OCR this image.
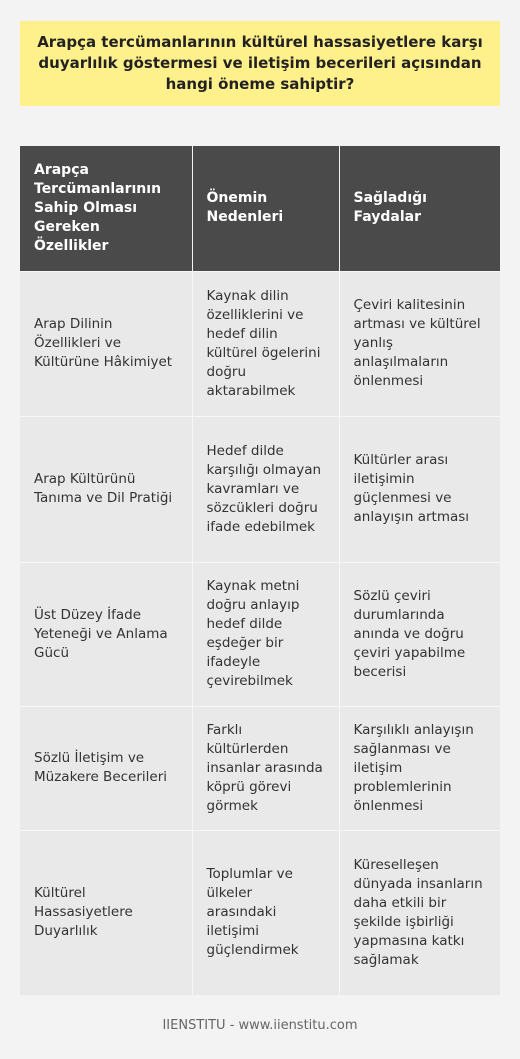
Arapça tercümanlarının kültürel hassasiyetlere karşı duyarlılık göstermesi ve iletişim becerileri açısından hangi öneme sahiptir?
Arapça Tercümanlarının Sahip Olması Gereken Özellikler	Önemin Nedenleri	Sağladığı Faydalar
Arap Dilinin Özellikleri ve Kültürüne Hâkimiyet	Kaynak dilin özelliklerini ve hedef dilin kültürel ögelerini doğru aktarabilmek	Çeviri kalitesinin artması ve kültürel yanlış anlaşılmaların önlenmesi
Arap Kültürünü Tanıma ve Dil Pratiği	Hedef dilde karşılığı olmayan kavramları ve sözcükleri doğru ifade edebilmek	Kültürler arası iletişimin güçlenmesi ve anlayışın artması
Üst Düzey İfade Yeteneği ve Anlama Gücü	Kaynak metni doğru anlayıp hedef dilde eşdeğer bir ifadeyle çevirebilmek	Sözlü çeviri durumlarında anında ve doğru çeviri yapabilme becerisi
Sözlü İletişim ve Müzakere Becerileri	Farklı kültürlerden insanlar arasında köprü görevi görmek	Karşılıklı anlayışın sağlanması ve iletişim problemlerinin önlenmesi
Kültürel Hassasiyetlere Duyarlılık	Toplumlar ve ülkeler arasındaki iletişimi güçlendirmek	Küreselleşen dünyada insanların daha etkili bir şekilde işbirliği yapmasına katkı sağlamak
IIENSTITU - www.iienstitu.com
